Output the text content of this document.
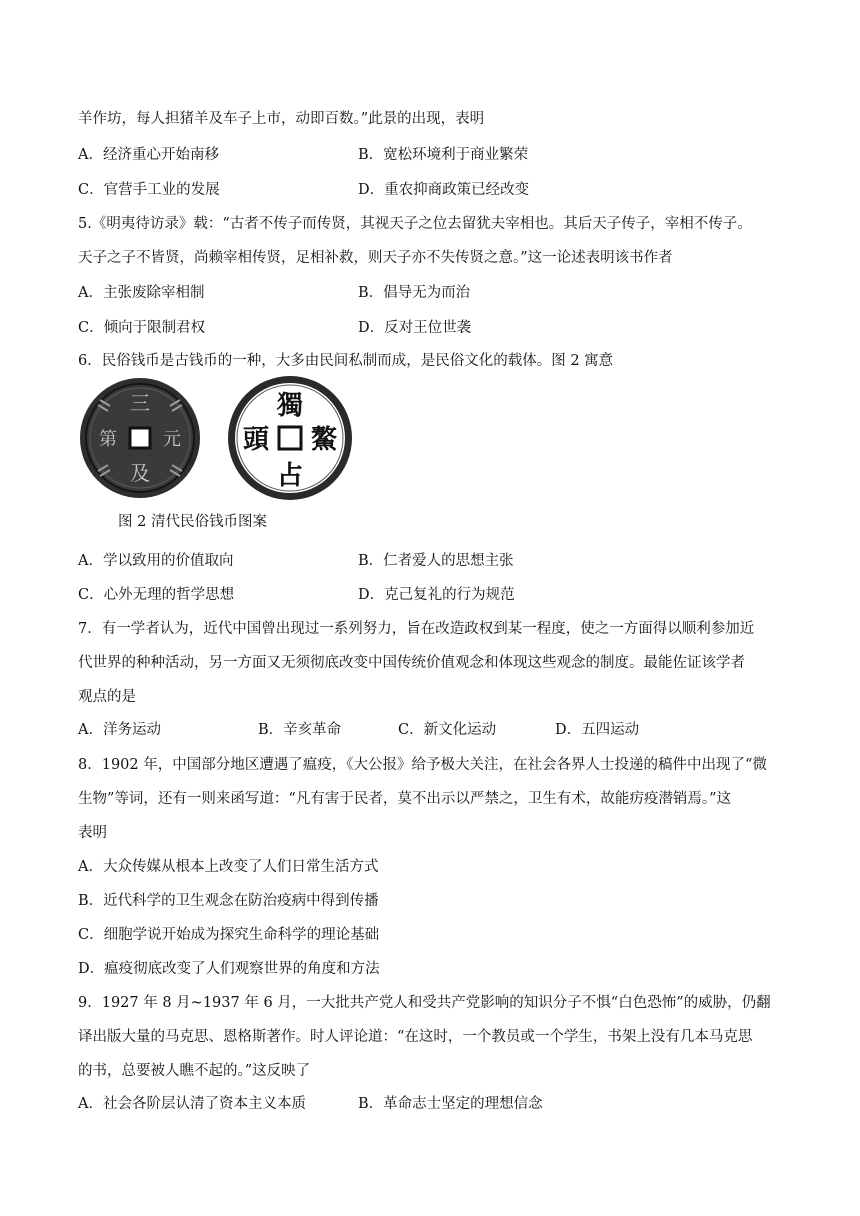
羊作坊，每人担猪羊及车子上市，动即百数。”此景的出现，表明
A．经济重心开始南移	B．宽松环境利于商业繁荣
C．官营手工业的发展	D．重农抑商政策已经改变
5.《明夷待访录》载：“古者不传子而传贤，其视天子之位去留犹夫宰相也。其后天子传子，宰相不传子。
天子之子不皆贤，尚赖宰相传贤，足相补救，则天子亦不失传贤之意。”这一论述表明该书作者
A．主张废除宰相制	B．倡导无为而治
C．倾向于限制君权	D．反对王位世袭
6．民俗钱币是古钱币的一种，大多由民间私制而成，是民俗文化的载体。图 2 寓意
三
元
及
第
獨
占
鰲
頭
图 2 清代民俗钱币图案
A．学以致用的价值取向	B．仁者爱人的思想主张
C．心外无理的哲学思想	D．克己复礼的行为规范
7．有一学者认为，近代中国曾出现过一系列努力，旨在改造政权到某一程度，使之一方面得以顺利参加近
代世界的种种活动，另一方面又无须彻底改变中国传统价值观念和体现这些观念的制度。最能佐证该学者
观点的是
A．洋务运动	B．辛亥革命	C．新文化运动	D．五四运动
8．1902 年，中国部分地区遭遇了瘟疫，《大公报》给予极大关注，在社会各界人士投递的稿件中出现了“微
生物”等词，还有一则来函写道：“凡有害于民者，莫不出示以严禁之，卫生有术，故能疠疫潜销焉。”这
表明
A．大众传媒从根本上改变了人们日常生活方式
B．近代科学的卫生观念在防治疫病中得到传播
C．细胞学说开始成为探究生命科学的理论基础
D．瘟疫彻底改变了人们观察世界的角度和方法
9．1927 年 8 月~1937 年 6 月，一大批共产党人和受共产党影响的知识分子不惧“白色恐怖”的威胁，仍翻
译出版大量的马克思、恩格斯著作。时人评论道：“在这时，一个教员或一个学生，书架上没有几本马克思
的书，总要被人瞧不起的。”这反映了
A．社会各阶层认清了资本主义本质	B．革命志士坚定的理想信念
